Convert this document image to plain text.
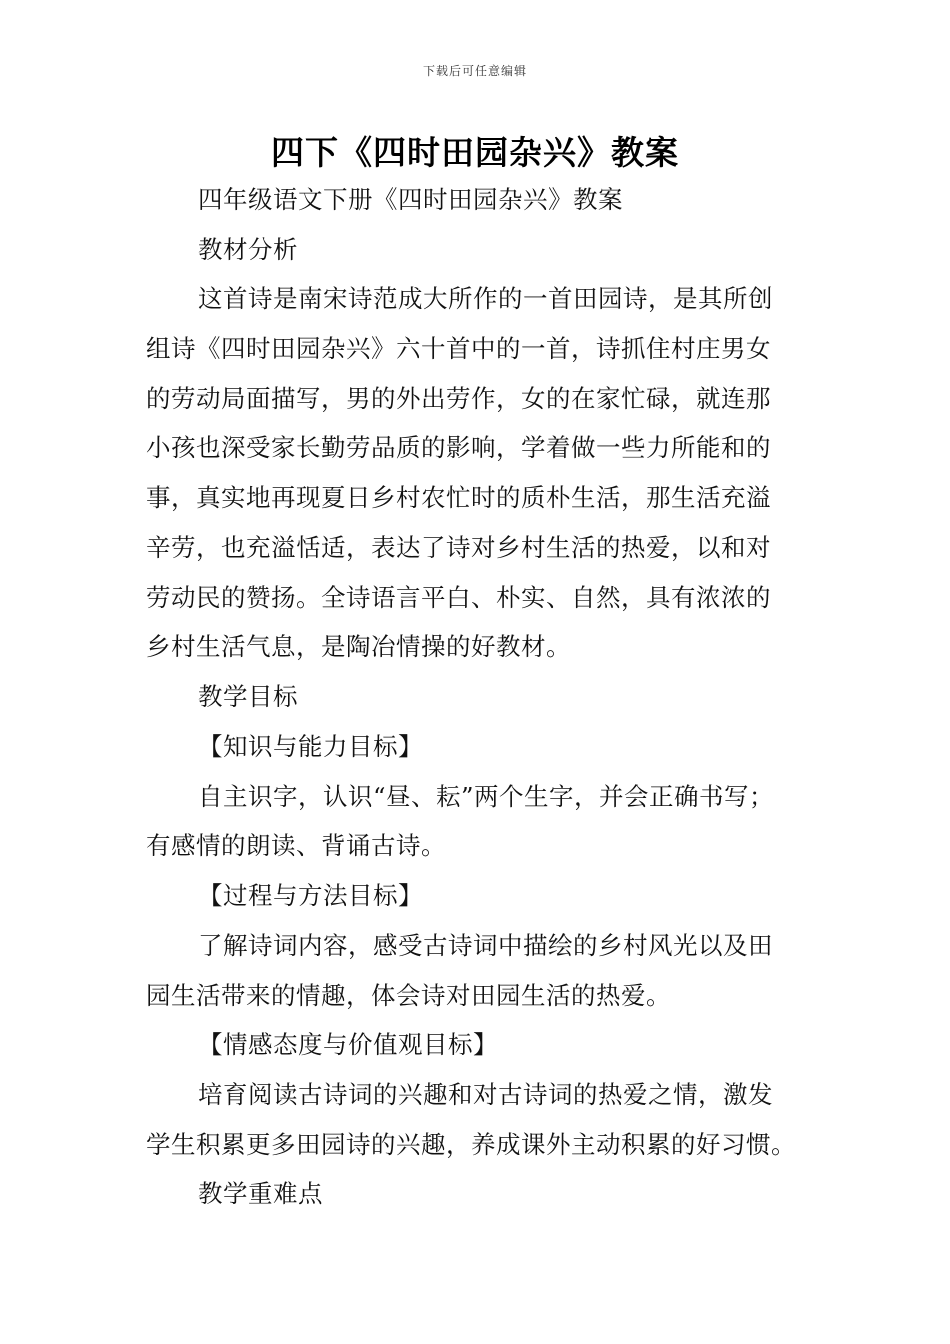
下载后可任意编辑
四下《四时田园杂兴》教案
四年级语文下册《四时田园杂兴》教案
教材分析
这首诗是南宋诗范成大所作的一首田园诗，是其所创
组诗《四时田园杂兴》六十首中的一首，诗抓住村庄男女
的劳动局面描写，男的外出劳作，女的在家忙碌，就连那
小孩也深受家长勤劳品质的影响，学着做一些力所能和的
事，真实地再现夏日乡村农忙时的质朴生活，那生活充溢
辛劳，也充溢恬适，表达了诗对乡村生活的热爱，以和对
劳动民的赞扬。全诗语言平白、朴实、自然，具有浓浓的
乡村生活气息，是陶冶情操的好教材。
教学目标
【知识与能力目标】
自主识字，认识“昼、耘”两个生字，并会正确书写；
有感情的朗读、背诵古诗。
【过程与方法目标】
了解诗词内容，感受古诗词中描绘的乡村风光以及田
园生活带来的情趣，体会诗对田园生活的热爱。
【情感态度与价值观目标】
培育阅读古诗词的兴趣和对古诗词的热爱之情，激发
学生积累更多田园诗的兴趣，养成课外主动积累的好习惯。
教学重难点
